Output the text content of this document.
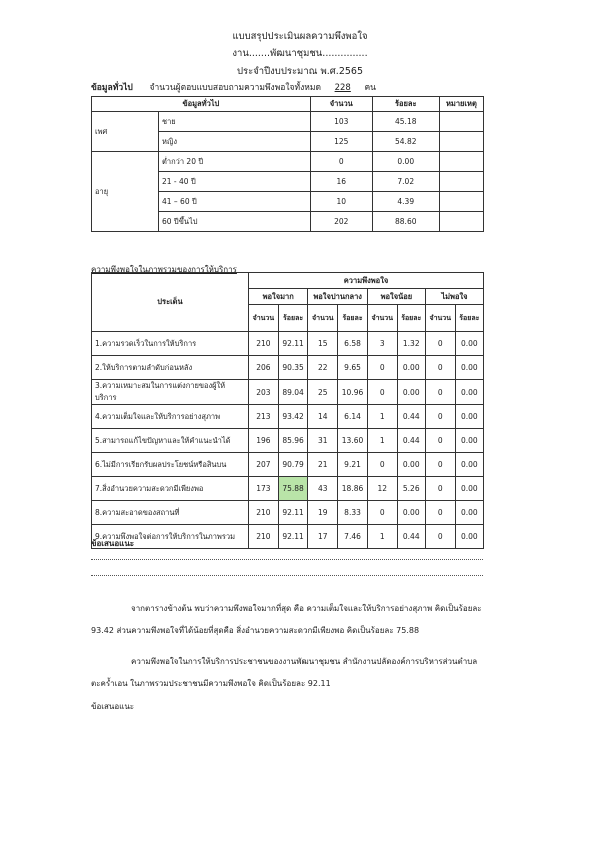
แบบสรุปประเมินผลความพึงพอใจ
งาน.......พัฒนาชุมชน...............
ประจำปีงบประมาณ พ.ศ.2565
ข้อมูลทั่วไป จำนวนผู้ตอบแบบสอบถามความพึงพอใจทั้งหมด 228 คน
ข้อมูลทั่วไป		จำนวน	ร้อยละ	หมายเหตุ
เพศ	ชาย	103	45.18	
	หญิง	125	54.82	
อายุ	ต่ำกว่า 20 ปี	0	0.00	
	21 - 40 ปี	16	7.02	
	41 – 60 ปี	10	4.39	
	60 ปีขึ้นไป	202	88.60	
ความพึงพอใจในภาพรวมของการให้บริการ
ประเด็น	ความพึงพอใจ							
	พอใจมาก		พอใจปานกลาง		พอใจน้อย		ไม่พอใจ	
	จำนวน	ร้อยละ	จำนวน	ร้อยละ	จำนวน	ร้อยละ	จำนวน	ร้อยละ
1.ความรวดเร็วในการให้บริการ	210	92.11	15	6.58	3	1.32	0	0.00
2.ให้บริการตามลำดับก่อนหลัง	206	90.35	22	9.65	0	0.00	0	0.00
3.ความเหมาะสมในการแต่งกายของผู้ให้บริการ	203	89.04	25	10.96	0	0.00	0	0.00
4.ความเต็มใจและให้บริการอย่างสุภาพ	213	93.42	14	6.14	1	0.44	0	0.00
5.สามารถแก้ไขปัญหาและให้คำแนะนำได้	196	85.96	31	13.60	1	0.44	0	0.00
6.ไม่มีการเรียกรับผลประโยชน์หรือสินบน	207	90.79	21	9.21	0	0.00	0	0.00
7.สิ่งอำนวยความสะดวกมีเพียงพอ	173	75.88	43	18.86	12	5.26	0	0.00
8.ความสะอาดของสถานที่	210	92.11	19	8.33	0	0.00	0	0.00
9.ความพึงพอใจต่อการให้บริการในภาพรวม	210	92.11	17	7.46	1	0.44	0	0.00
ข้อเสนอแนะ
จากตารางข้างต้น พบว่าความพึงพอใจมากที่สุด คือ ความเต็มใจและให้บริการอย่างสุภาพ คิดเป็นร้อยละ 93.42 ส่วนความพึงพอใจที่ได้น้อยที่สุดคือ สิ่งอำนวยความสะดวกมีเพียงพอ คิดเป็นร้อยละ 75.88
ความพึงพอใจในการให้บริการประชาชนของงานพัฒนาชุมชน สำนักงานปลัดองค์การบริหารส่วนตำบลตะคร้ำเอน ในภาพรวมประชาชนมีความพึงพอใจ คิดเป็นร้อยละ 92.11
ข้อเสนอแนะ
